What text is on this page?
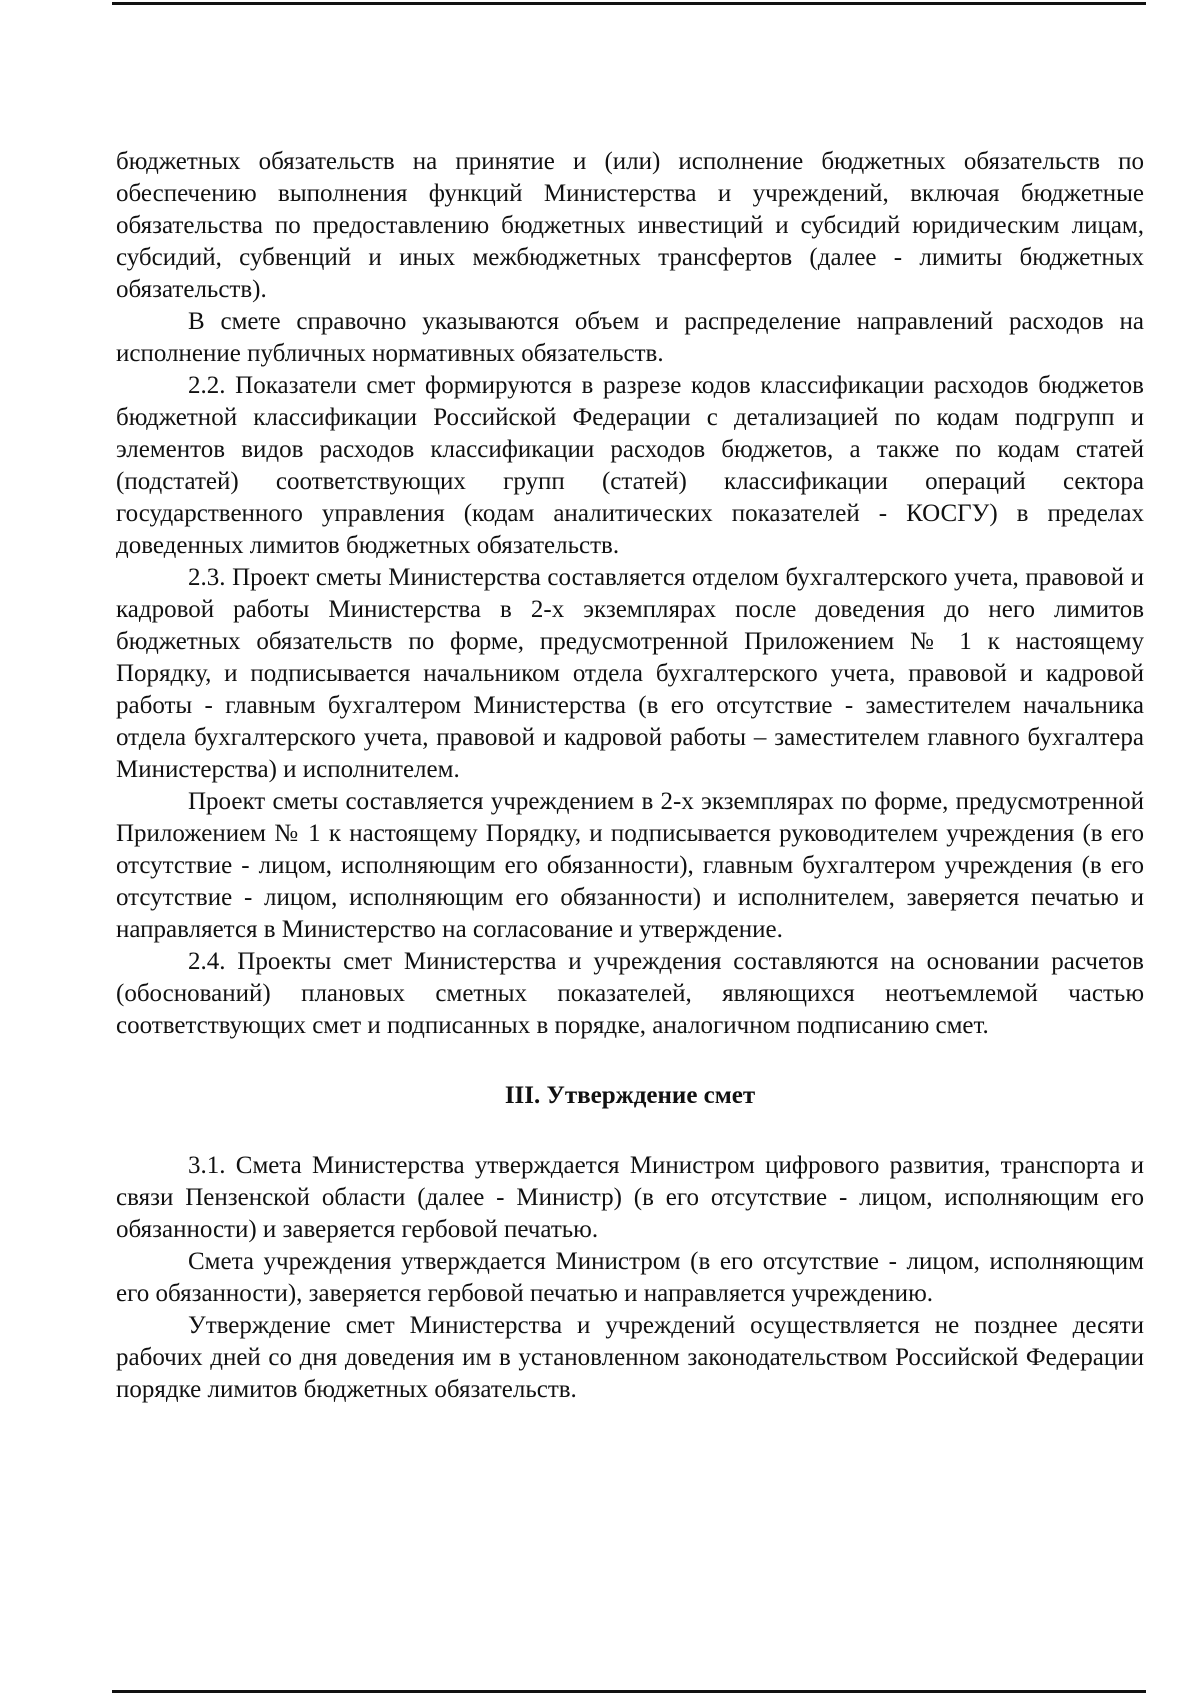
бюджетных обязательств на принятие и (или) исполнение бюджетных обязательств по обеспечению выполнения функций Министерства и учреждений, включая бюджетные обязательства по предоставлению бюджетных инвестиций и субсидий юридическим лицам, субсидий, субвенций и иных межбюджетных трансфертов (далее - лимиты бюджетных обязательств).

В смете справочно указываются объем и распределение направлений расходов на исполнение публичных нормативных обязательств.

2.2. Показатели смет формируются в разрезе кодов классификации расходов бюджетов бюджетной классификации Российской Федерации с детализацией по кодам подгрупп и элементов видов расходов классификации расходов бюджетов, а также по кодам статей (подстатей) соответствующих групп (статей) классификации операций сектора государственного управления (кодам аналитических показателей - КОСГУ) в пределах доведенных лимитов бюджетных обязательств.

2.3. Проект сметы Министерства составляется отделом бухгалтерского учета, правовой и кадровой работы Министерства в 2-х экземплярах после доведения до него лимитов бюджетных обязательств по форме, предусмотренной Приложением № 1 к настоящему Порядку, и подписывается начальником отдела бухгалтерского учета, правовой и кадровой работы - главным бухгалтером Министерства (в его отсутствие - заместителем начальника отдела бухгалтерского учета, правовой и кадровой работы – заместителем главного бухгалтера Министерства) и исполнителем.

Проект сметы составляется учреждением в 2-х экземплярах по форме, предусмотренной Приложением № 1 к настоящему Порядку, и подписывается руководителем учреждения (в его отсутствие - лицом, исполняющим его обязанности), главным бухгалтером учреждения (в его отсутствие - лицом, исполняющим его обязанности) и исполнителем, заверяется печатью и направляется в Министерство на согласование и утверждение.

2.4. Проекты смет Министерства и учреждения составляются на основании расчетов (обоснований) плановых сметных показателей, являющихся неотъемлемой частью соответствующих смет и подписанных в порядке, аналогичном подписанию смет.

III. Утверждение смет

3.1. Смета Министерства утверждается Министром цифрового развития, транспорта и связи Пензенской области (далее - Министр) (в его отсутствие - лицом, исполняющим его обязанности) и заверяется гербовой печатью.

Смета учреждения утверждается Министром (в его отсутствие - лицом, исполняющим его обязанности), заверяется гербовой печатью и направляется учреждению.

Утверждение смет Министерства и учреждений осуществляется не позднее десяти рабочих дней со дня доведения им в установленном законодательством Российской Федерации порядке лимитов бюджетных обязательств.
